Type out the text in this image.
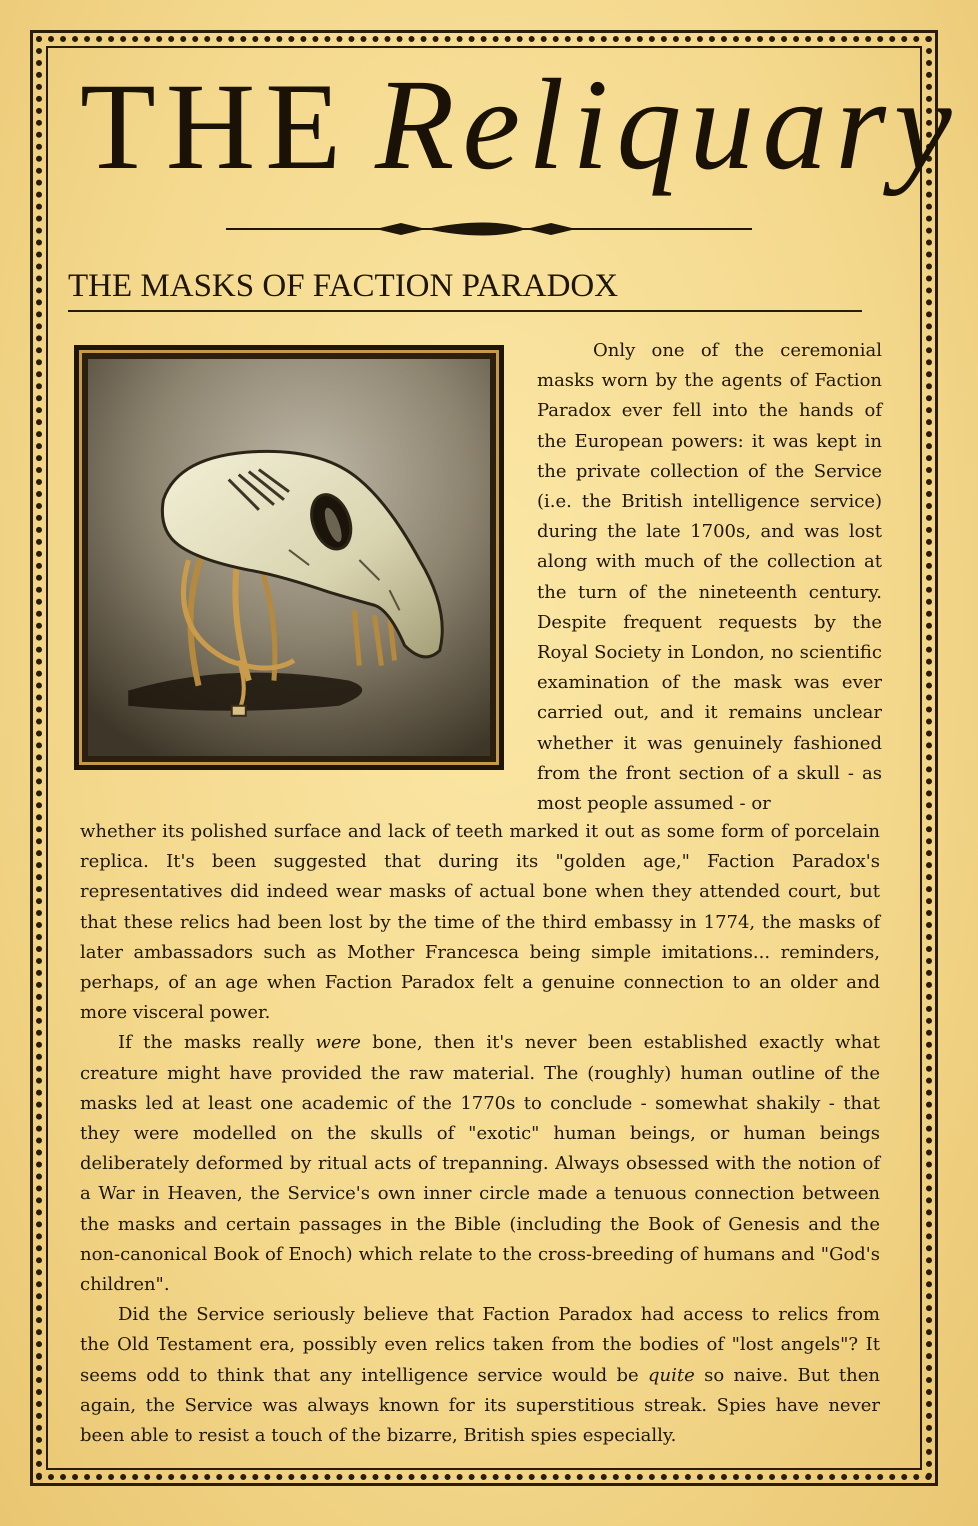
THE Reliquary
THE MASKS OF FACTION PARADOX

Only one of the ceremonial masks worn by the agents of Faction Paradox ever fell into the hands of the European powers: it was kept in the private collection of the Service (i.e. the British intelligence service) during the late 1700s, and was lost along with much of the collection at the turn of the nineteenth century. Despite frequent requests by the Royal Society in London, no scientific examination of the mask was ever carried out, and it remains unclear whether it was genuinely fashioned from the front section of a skull - as most people assumed - or

whether its polished surface and lack of teeth marked it out as some form of porcelain replica. It's been suggested that during its "golden age," Faction Paradox's representatives did indeed wear masks of actual bone when they attended court, but that these relics had been lost by the time of the third embassy in 1774, the masks of later ambassadors such as Mother Francesca being simple imitations... reminders, perhaps, of an age when Faction Paradox felt a genuine connection to an older and more visceral power.

If the masks really were bone, then it's never been established exactly what creature might have provided the raw material. The (roughly) human outline of the masks led at least one academic of the 1770s to conclude - somewhat shakily - that they were modelled on the skulls of "exotic" human beings, or human beings deliberately deformed by ritual acts of trepanning. Always obsessed with the notion of a War in Heaven, the Service's own inner circle made a tenuous connection between the masks and certain passages in the Bible (including the Book of Genesis and the non-canonical Book of Enoch) which relate to the cross-breeding of humans and "God's children".

Did the Service seriously believe that Faction Paradox had access to relics from the Old Testament era, possibly even relics taken from the bodies of "lost angels"? It seems odd to think that any intelligence service would be quite so naive. But then again, the Service was always known for its superstitious streak. Spies have never been able to resist a touch of the bizarre, British spies especially.
